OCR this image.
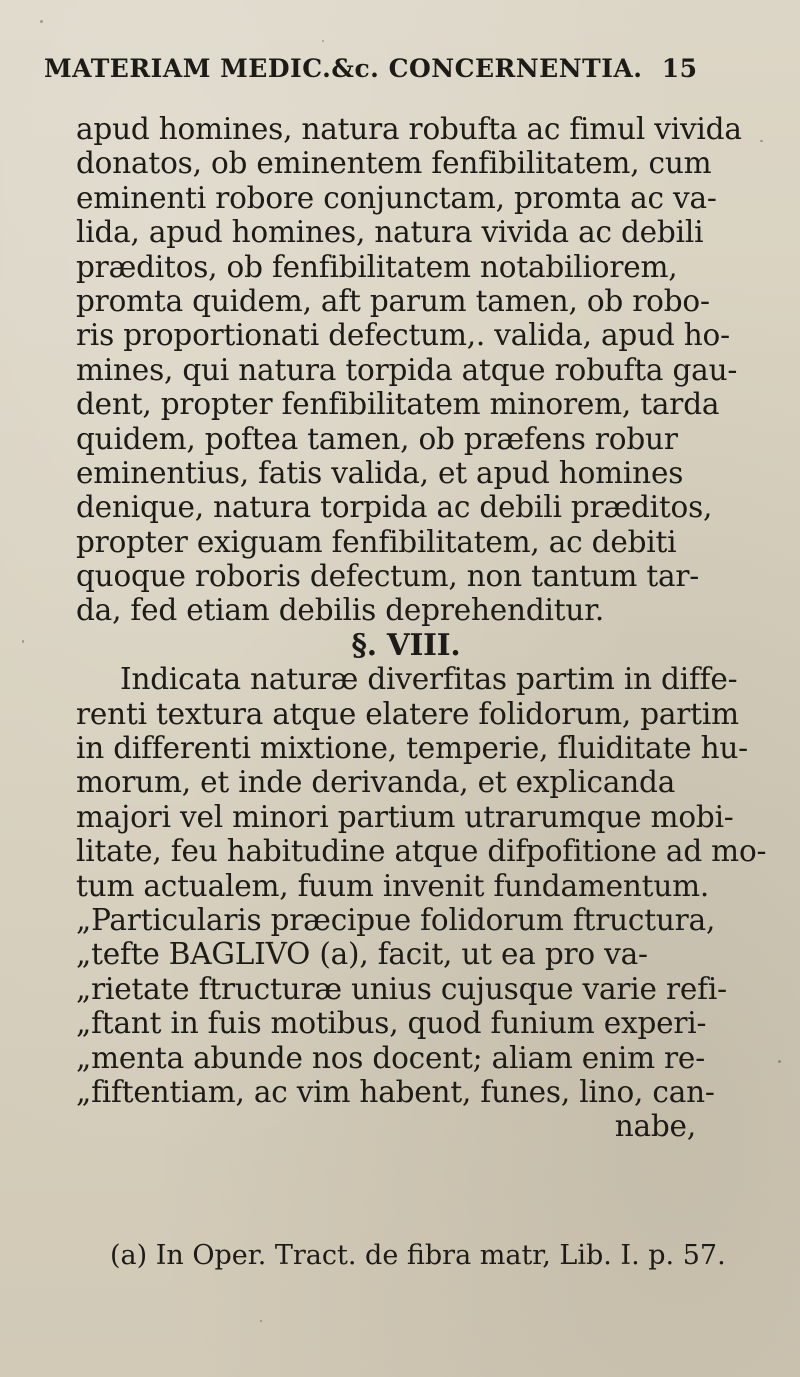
MATERIAM MEDIC.&c. CONCERNENTIA. 15
apud homines, natura robufta ac fimul vivida
donatos, ob eminentem fenfibilitatem, cum
eminenti robore conjunctam, promta ac va-
lida, apud homines, natura vivida ac debili
præditos, ob fenfibilitatem notabiliorem,
promta quidem, aft parum tamen, ob robo-
ris proportionati defectum,. valida, apud ho-
mines, qui natura torpida atque robufta gau-
dent, propter fenfibilitatem minorem, tarda
quidem, poftea tamen, ob præfens robur
eminentius, fatis valida, et apud homines
denique, natura torpida ac debili præditos,
propter exiguam fenfibilitatem, ac debiti
quoque roboris defectum, non tantum tar-
da, fed etiam debilis deprehenditur.
§. VIII.
Indicata naturæ diverfitas partim in diffe-
renti textura atque elatere folidorum, partim
in differenti mixtione, temperie, fluiditate hu-
morum, et inde derivanda, et explicanda
majori vel minori partium utrarumque mobi-
litate, feu habitudine atque difpofitione ad mo-
tum actualem, fuum invenit fundamentum.
„Particularis præcipue folidorum ftructura,
„tefte BAGLIVO (a), facit, ut ea pro va-
„rietate ftructuræ unius cujusque varie refi-
„ftant in fuis motibus, quod funium experi-
„menta abunde nos docent; aliam enim re-
„fiftentiam, ac vim habent, funes, lino, can-
nabe,
(a) In Oper. Tract. de fibra matr, Lib. I. p. 57.
